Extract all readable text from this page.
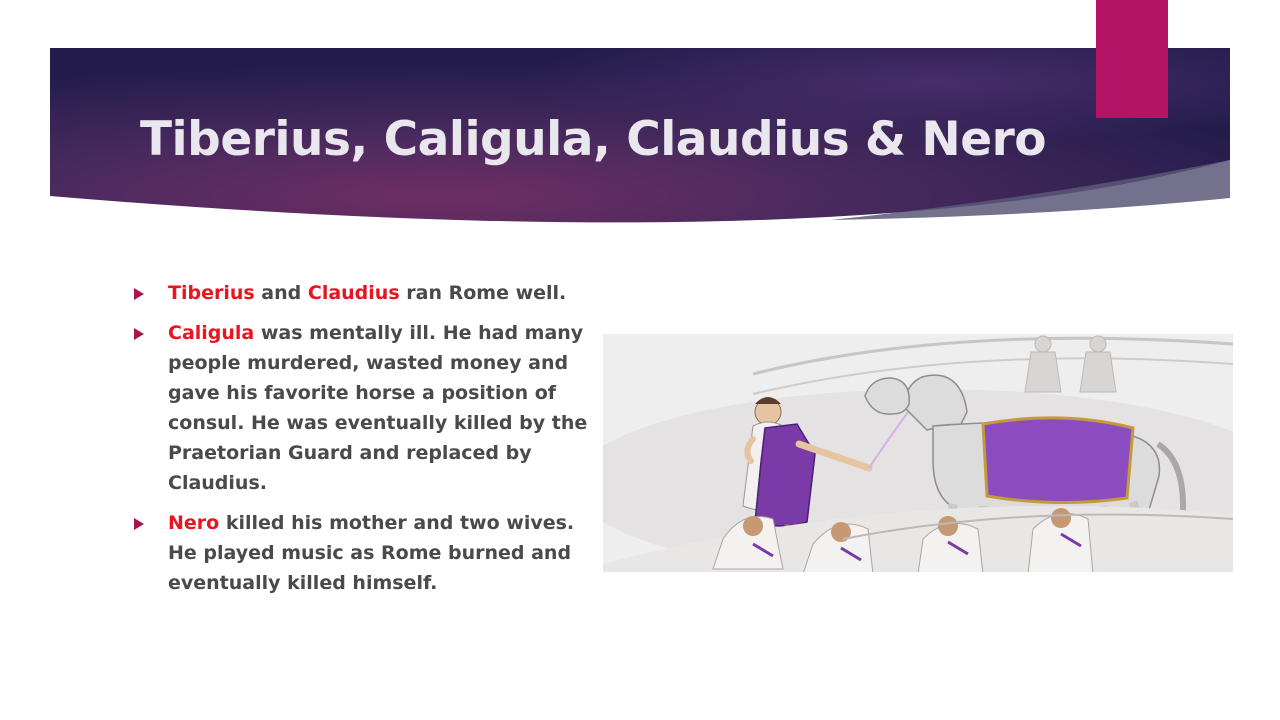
Tiberius, Caligula, Claudius & Nero
Tiberius and Claudius ran Rome well.
Caligula was mentally ill. He had many people murdered, wasted money and gave his favorite horse a position of consul. He was eventually killed by the Praetorian Guard and replaced by Claudius.
Nero killed his mother and two wives. He played music as Rome burned and eventually killed himself.
